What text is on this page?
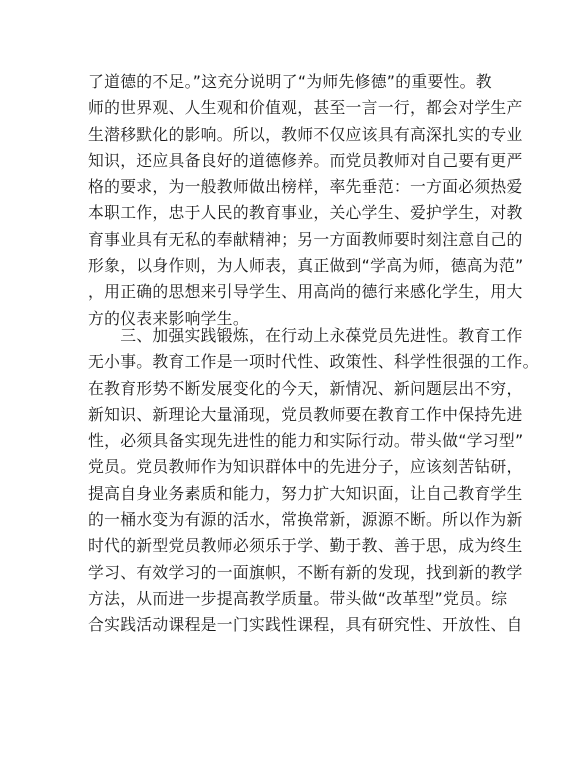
了道德的不足。”这充分说明了“为师先修德”的重要性。教
师的世界观、人生观和价值观，甚至一言一行，都会对学生产
生潜移默化的影响。所以，教师不仅应该具有高深扎实的专业
知识，还应具备良好的道德修养。而党员教师对自己要有更严
格的要求，为一般教师做出榜样，率先垂范：一方面必须热爱
本职工作，忠于人民的教育事业，关心学生、爱护学生，对教
育事业具有无私的奉献精神；另一方面教师要时刻注意自己的
形象，以身作则，为人师表，真正做到“学高为师，德高为范”
，用正确的思想来引导学生、用高尚的德行来感化学生，用大
方的仪表来影响学生。
　　三、加强实践锻炼，在行动上永葆党员先进性。教育工作
无小事。教育工作是一项时代性、政策性、科学性很强的工作。
在教育形势不断发展变化的今天，新情况、新问题层出不穷，
新知识、新理论大量涌现，党员教师要在教育工作中保持先进
性，必须具备实现先进性的能力和实际行动。带头做“学习型”
党员。党员教师作为知识群体中的先进分子，应该刻苦钻研，
提高自身业务素质和能力，努力扩大知识面，让自己教育学生
的一桶水变为有源的活水，常换常新，源源不断。所以作为新
时代的新型党员教师必须乐于学、勤于教、善于思，成为终生
学习、有效学习的一面旗帜，不断有新的发现，找到新的教学
方法，从而进一步提高教学质量。带头做“改革型”党员。综
合实践活动课程是一门实践性课程，具有研究性、开放性、自
